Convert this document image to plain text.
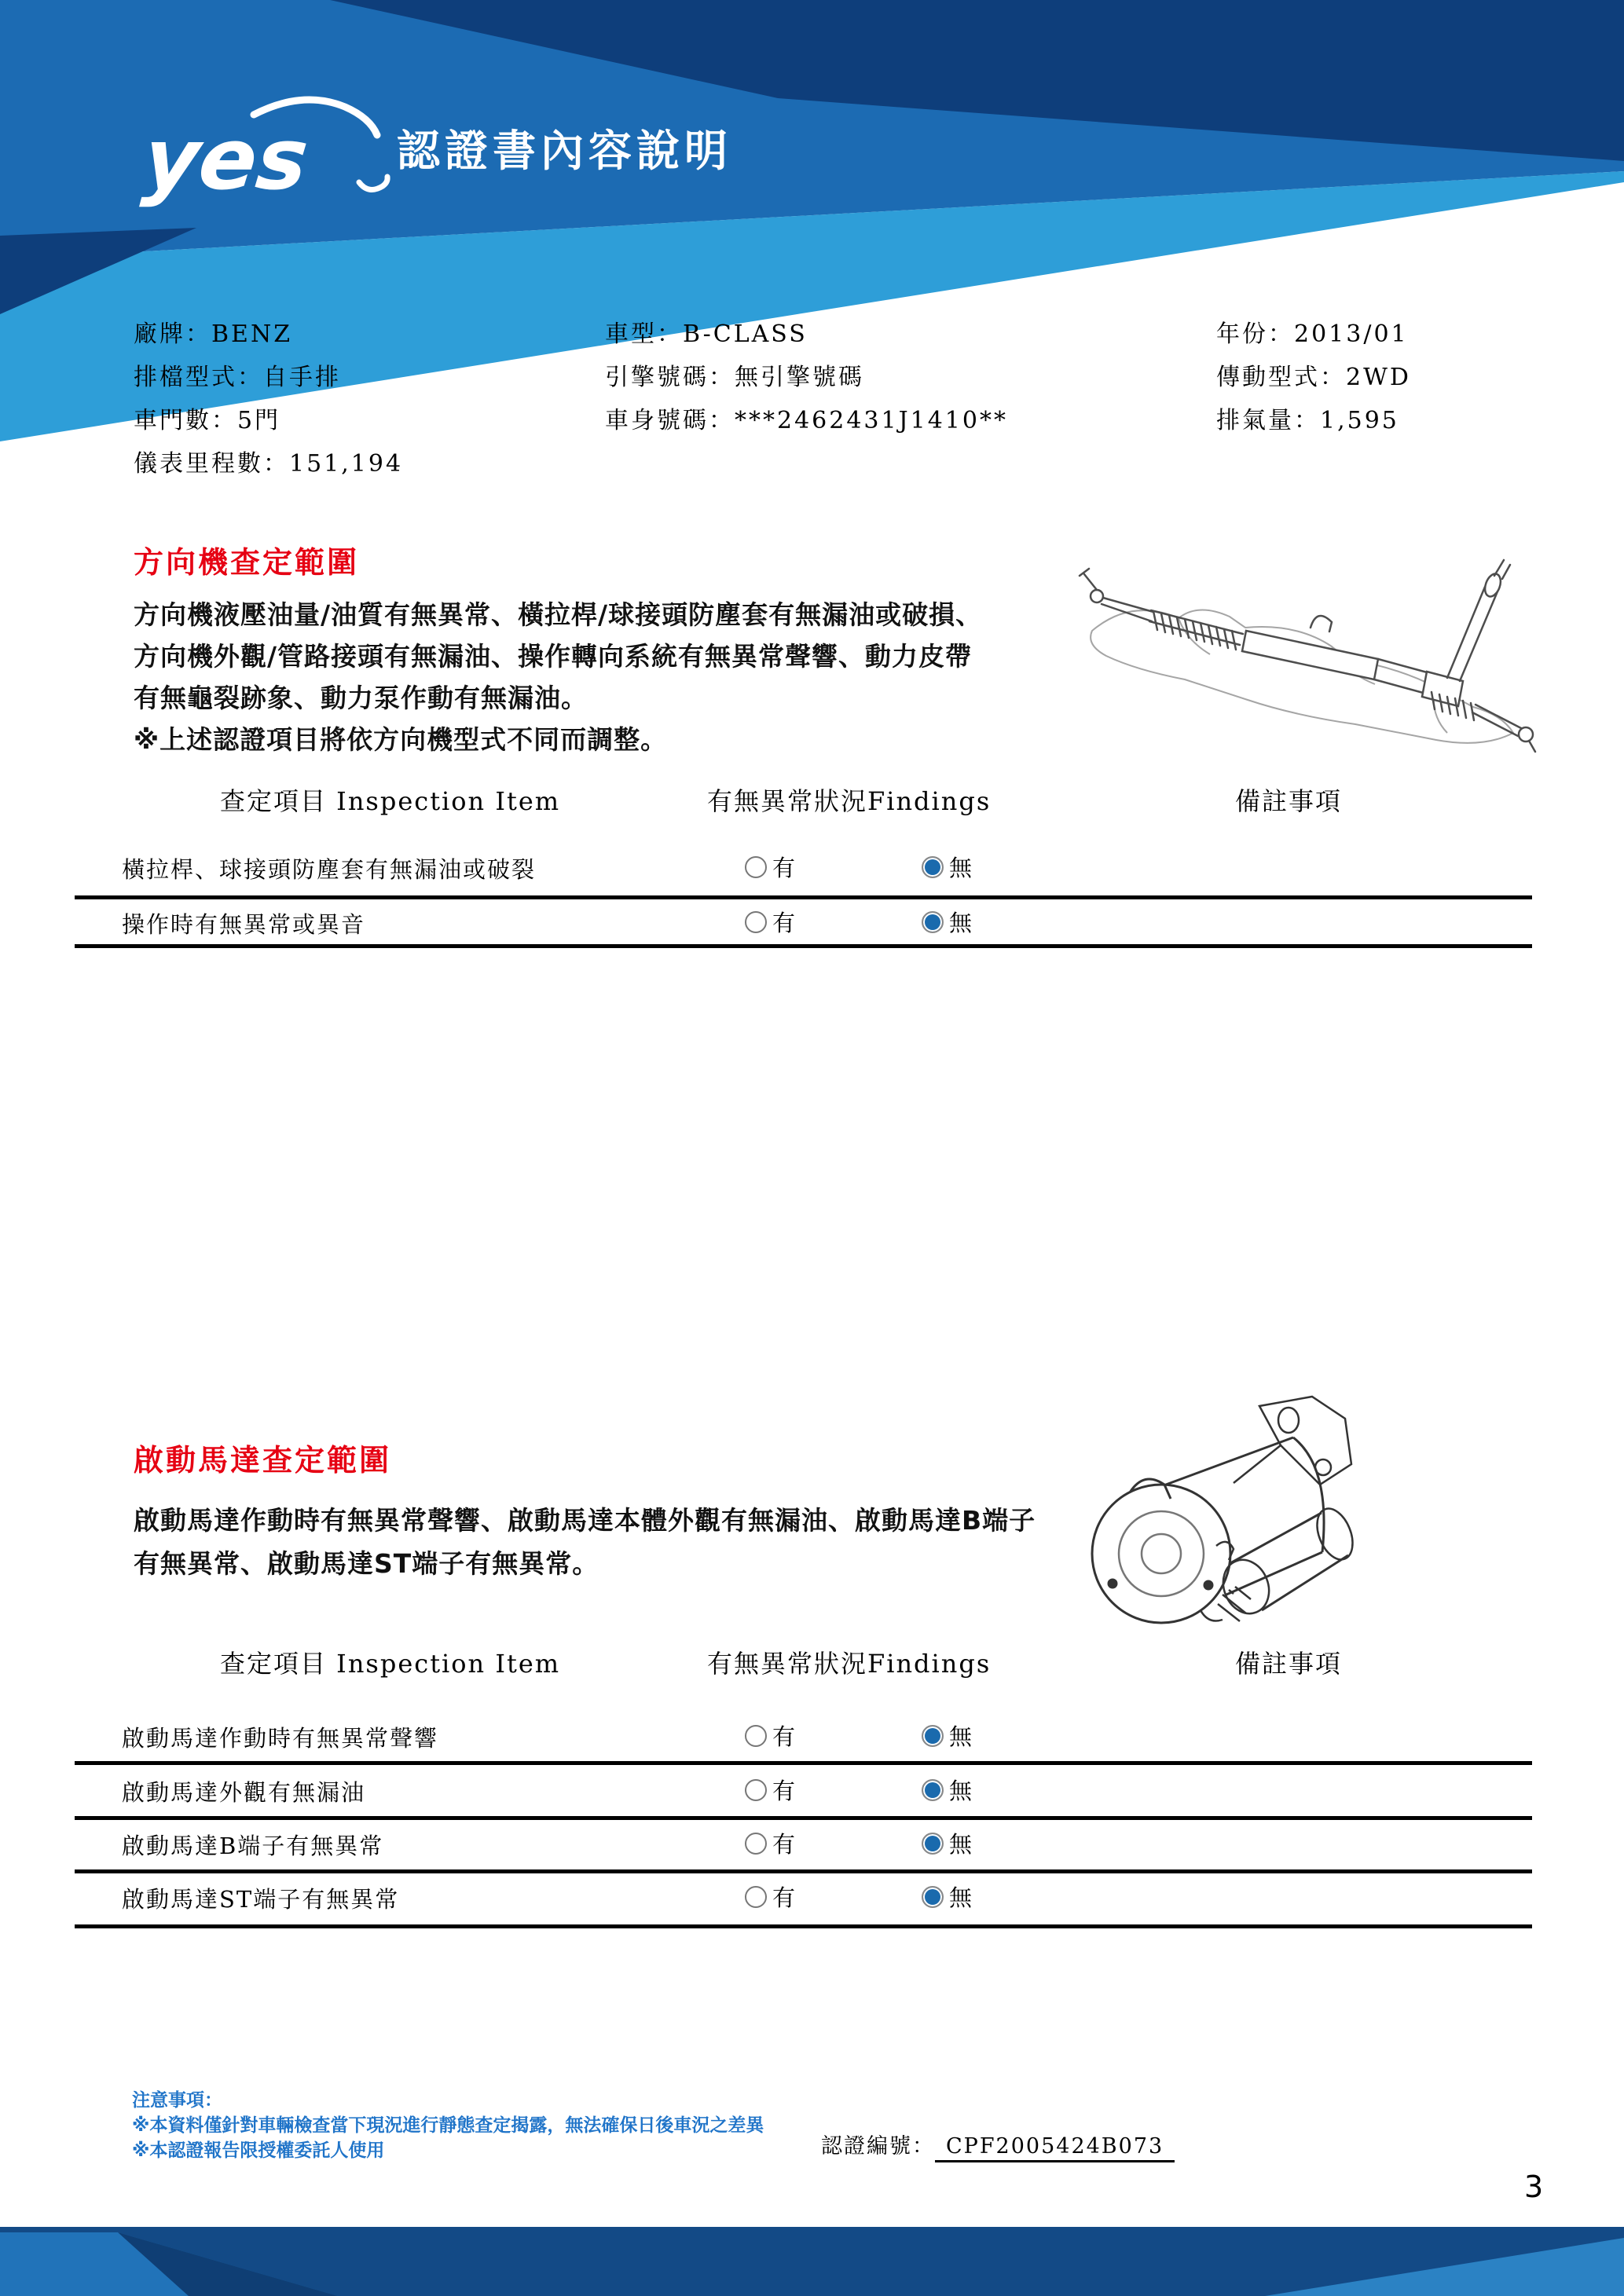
yes 認證書內容說明
廠牌：BENZ
排檔型式：自手排
車門數：5門
儀表里程數：151,194
車型：B-CLASS
引擎號碼：無引擎號碼
車身號碼：***2462431J1410**
年份：2013/01
傳動型式：2WD
排氣量：1,595
方向機查定範圍
方向機液壓油量/油質有無異常、橫拉桿/球接頭防塵套有無漏油或破損、
方向機外觀/管路接頭有無漏油、操作轉向系統有無異常聲響、動力皮帶
有無龜裂跡象、動力泵作動有無漏油。
※上述認證項目將依方向機型式不同而調整。
查定項目 Inspection Item	有無異常狀況Findings	備註事項
橫拉桿、球接頭防塵套有無漏油或破裂	有	無
操作時有無異常或異音	有	無
啟動馬達查定範圍
啟動馬達作動時有無異常聲響、啟動馬達本體外觀有無漏油、啟動馬達B端子
有無異常、啟動馬達ST端子有無異常。
查定項目 Inspection Item	有無異常狀況Findings	備註事項
啟動馬達作動時有無異常聲響	有	無
啟動馬達外觀有無漏油	有	無
啟動馬達B端子有無異常	有	無
啟動馬達ST端子有無異常	有	無
注意事項：
※本資料僅針對車輛檢查當下現況進行靜態查定揭露，無法確保日後車況之差異
※本認證報告限授權委託人使用	認證編號： CPF2005424B073
3
